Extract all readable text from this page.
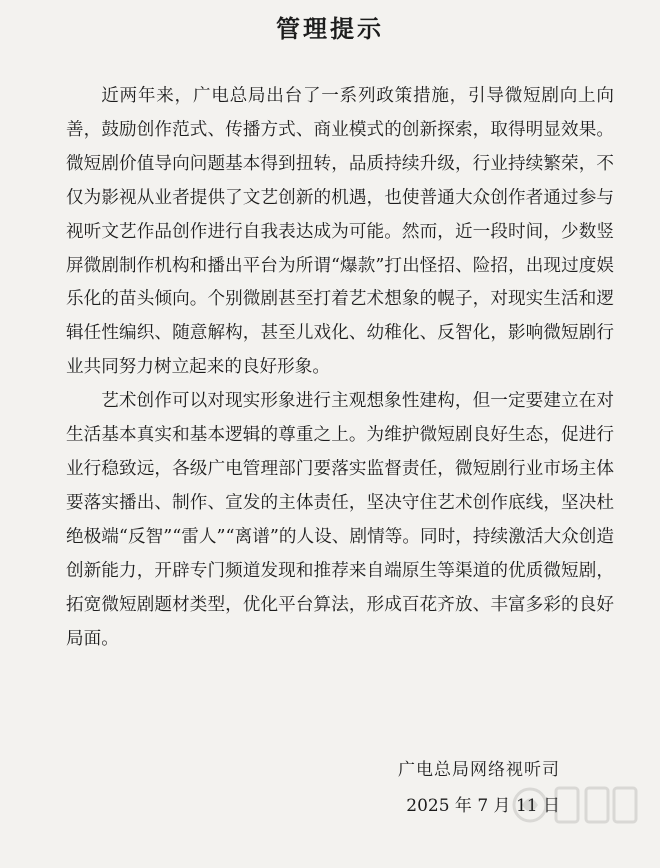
管理提示

近两年来，广电总局出台了一系列政策措施，引导微短剧向上向善，鼓励创作范式、传播方式、商业模式的创新探索，取得明显效果。微短剧价值导向问题基本得到扭转，品质持续升级，行业持续繁荣，不仅为影视从业者提供了文艺创新的机遇，也使普通大众创作者通过参与视听文艺作品创作进行自我表达成为可能。然而，近一段时间，少数竖屏微剧制作机构和播出平台为所谓“爆款”打出怪招、险招，出现过度娱乐化的苗头倾向。个别微剧甚至打着艺术想象的幌子，对现实生活和逻辑任性编织、随意解构，甚至儿戏化、幼稚化、反智化，影响微短剧行业共同努力树立起来的良好形象。

艺术创作可以对现实形象进行主观想象性建构，但一定要建立在对生活基本真实和基本逻辑的尊重之上。为维护微短剧良好生态，促进行业行稳致远，各级广电管理部门要落实监督责任，微短剧行业市场主体要落实播出、制作、宣发的主体责任，坚决守住艺术创作底线，坚决杜绝极端“反智”“雷人”“离谱”的人设、剧情等。同时，持续激活大众创造创新能力，开辟专门频道发现和推荐来自端原生等渠道的优质微短剧，拓宽微短剧题材类型，优化平台算法，形成百花齐放、丰富多彩的良好局面。

广电总局网络视听司
2025 年 7 月 11 日
